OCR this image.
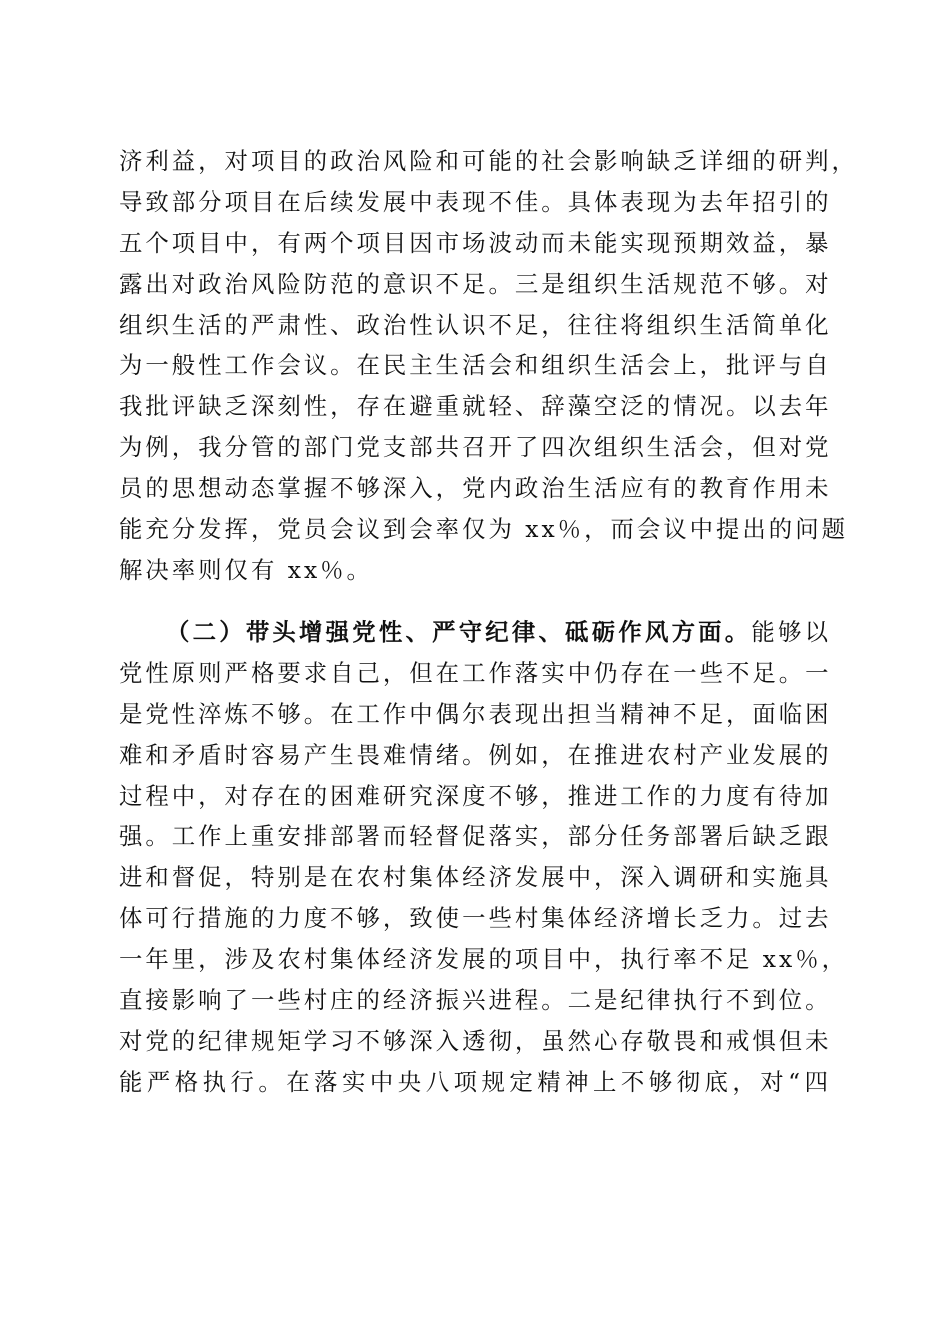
济利益，对项目的政治风险和可能的社会影响缺乏详细的研判，
导致部分项目在后续发展中表现不佳。具体表现为去年招引的
五个项目中，有两个项目因市场波动而未能实现预期效益，暴
露出对政治风险防范的意识不足。三是组织生活规范不够。对
组织生活的严肃性、政治性认识不足，往往将组织生活简单化
为一般性工作会议。在民主生活会和组织生活会上，批评与自
我批评缺乏深刻性，存在避重就轻、辞藻空泛的情况。以去年
为例，我分管的部门党支部共召开了四次组织生活会，但对党
员的思想动态掌握不够深入，党内政治生活应有的教育作用未
能充分发挥，党员会议到会率仅为 xx％，而会议中提出的问题
解决率则仅有 xx％。
（二）带头增强党性、严守纪律、砥砺作风方面。能够以
党性原则严格要求自己，但在工作落实中仍存在一些不足。一
是党性淬炼不够。在工作中偶尔表现出担当精神不足，面临困
难和矛盾时容易产生畏难情绪。例如，在推进农村产业发展的
过程中，对存在的困难研究深度不够，推进工作的力度有待加
强。工作上重安排部署而轻督促落实，部分任务部署后缺乏跟
进和督促，特别是在农村集体经济发展中，深入调研和实施具
体可行措施的力度不够，致使一些村集体经济增长乏力。过去
一年里，涉及农村集体经济发展的项目中，执行率不足 xx％，
直接影响了一些村庄的经济振兴进程。二是纪律执行不到位。
对党的纪律规矩学习不够深入透彻，虽然心存敬畏和戒惧但未
能严格执行。在落实中央八项规定精神上不够彻底，对“四
